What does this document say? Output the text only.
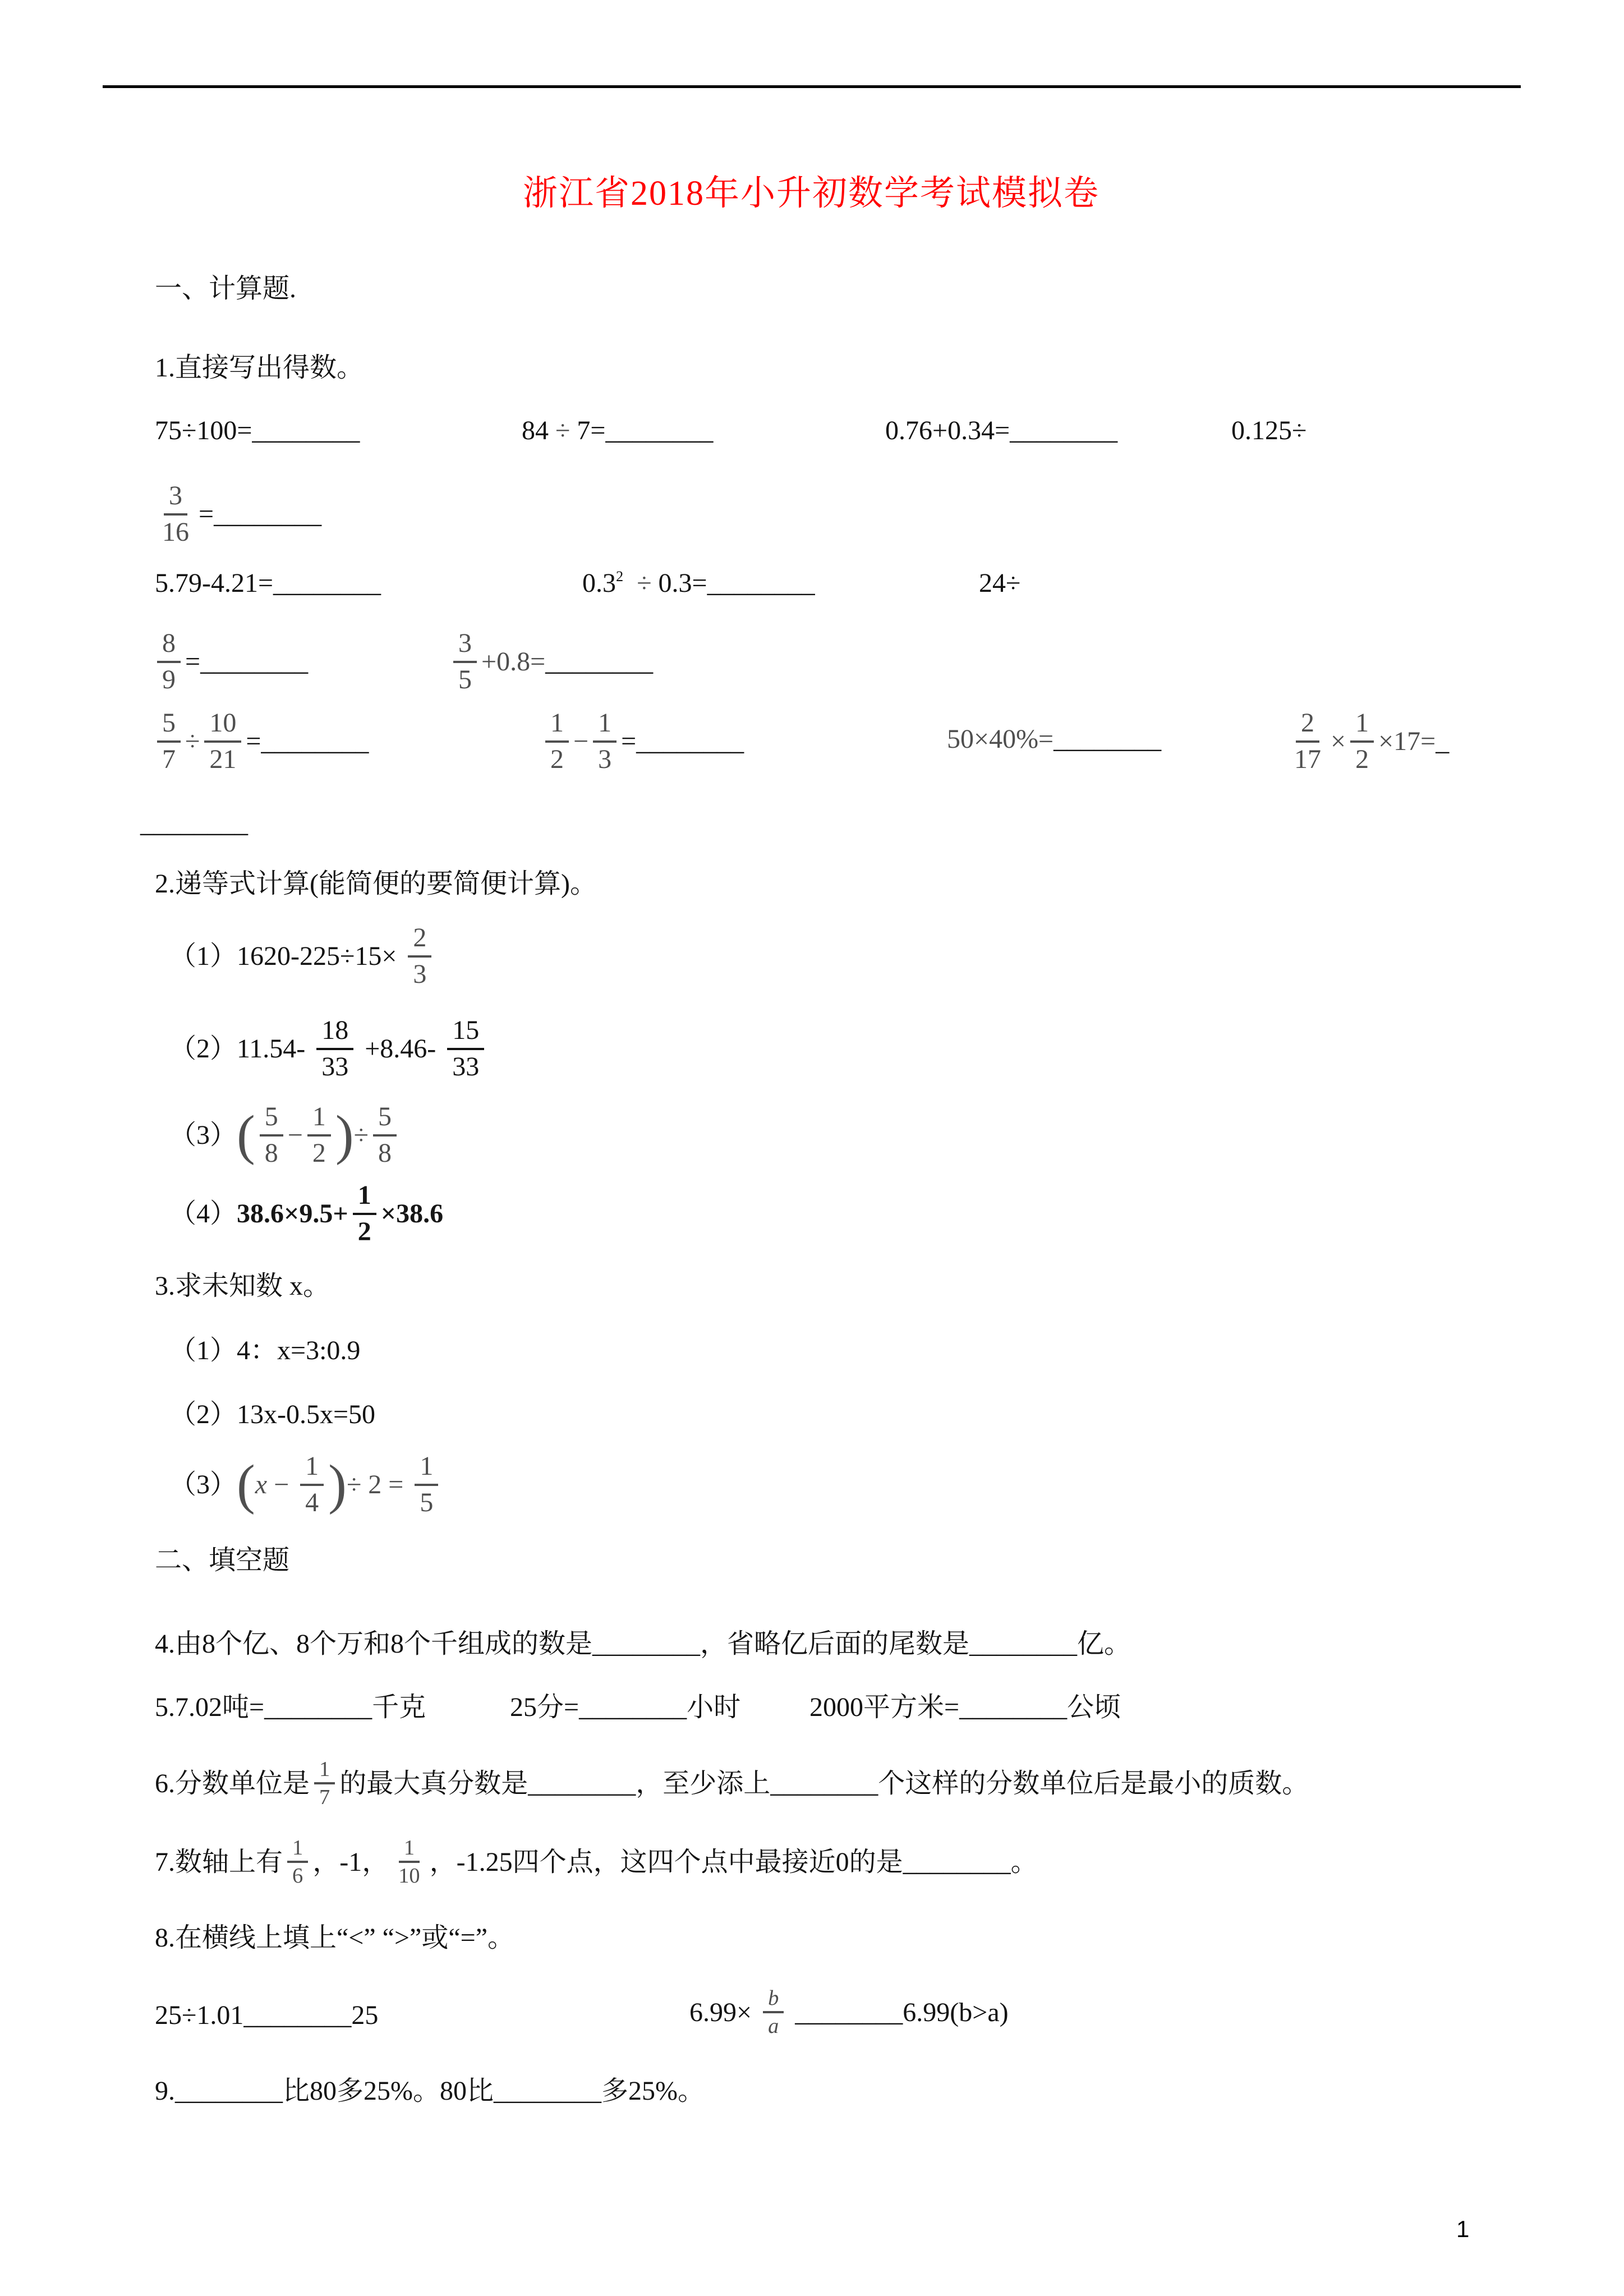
浙江省2018年小升初数学考试模拟卷
一、计算题.
1.直接写出得数。
75÷100=________	84 ÷ 7=________	0.76+0.34=________	0.125÷
$\frac{3}{16}$ =________
5.79-4.21=________	0.3 2
÷ 0.3=________	24÷
$\frac{8}{9}$ =________	$\frac{3}{5} +0.8=$ ________
$\frac{5}{7} \div \frac{10}{21}$ =________	$\frac{1}{2} - \frac{1}{3}$ =________	50×40%= ________	$\frac{2}{17} \times \frac{1}{2} \times 17=$ _
________
2.递等式计算(能简便的要简便计算)。
$(1)1620-225\div 15\times \frac{2}{3}$
$(2)11.54- \frac{18}{33} +8.46- \frac{15}{33}$
（3） ( $\frac{5}{8} - \frac{1}{2}$ ) ÷ $\frac{5}{8}$
（4） $38.6\times 9.5+ \frac{1}{2} \times 38.6$
3.求未知数 x。
（1）4：x=3:0.9
（2）13x-0.5x=50
（3） ( $x - \frac{1}{4}$ ) ÷ $2 = \frac{1}{5}$
二、填空题
4.由8个亿、8个万和8个千组成的数是________，省略亿后面的尾数是________亿。
5.7.02吨=________千克	25分=________小时	2000平方米=________公顷
6.分数单位是 $\frac{1}{7}$ 的最大真分数是________，至少添上________个这样的分数单位后是最小的质数。
7.数轴上有 $\frac{1}{6}$ ，-1， $\frac{1}{10}$ ，-1.25四个点，这四个点中最接近0的是________。
8.在横线上填上“<” “>”或“=”。
25÷1.01________25	$6.99\times \frac{b}{a}$ ________6.99(b>a)
9.________比80多25%。80比________多25%。
1
